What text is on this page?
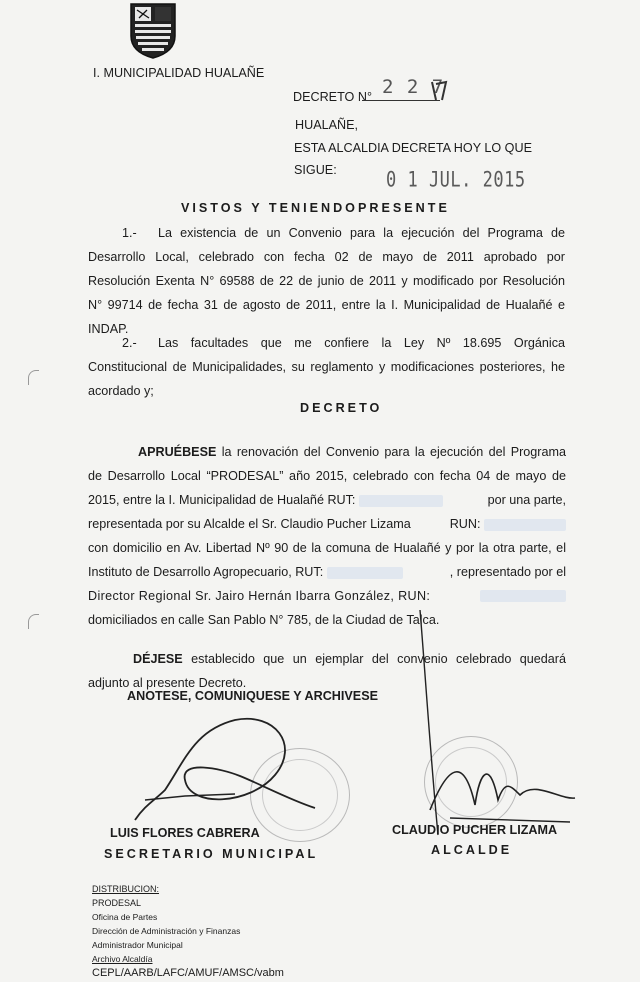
I. MUNICIPALIDAD HUALAÑE
DECRETO N° 2 2 7
HUALAÑE,
ESTA ALCALDIA DECRETA HOY LO QUE
SIGUE:	0 1 JUL. 2015
VISTOS Y TENIENDOPRESENTE
1.- La existencia de un Convenio para la ejecución del Programa de
Desarrollo Local, celebrado con fecha 02 de mayo de 2011 aprobado por
Resolución Exenta N° 69588 de 22 de junio de 2011 y modificado por Resolución
N° 99714 de fecha 31 de agosto de 2011, entre la I. Municipalidad de Hualañé e
INDAP.
2.- Las facultades que me confiere la Ley Nº 18.695 Orgánica
Constitucional de Municipalidades, su reglamento y modificaciones posteriores, he
acordado y;
DECRETO
APRUÉBESE la renovación del Convenio para la ejecución del Programa
de Desarrollo Local “PRODESAL” año 2015, celebrado con fecha 04 de mayo de
2015, entre la I. Municipalidad de Hualañé RUT:	por una parte,
representada por su Alcalde el Sr. Claudio Pucher Lizama	RUN:
con domicilio en Av. Libertad Nº 90 de la comuna de Hualañé y por la otra parte, el
Instituto de Desarrollo Agropecuario, RUT:	, representado por el
Director Regional Sr. Jairo Hernán Ibarra González, RUN:
domiciliados en calle San Pablo N° 785, de la Ciudad de Talca.
DÉJESE establecido que un ejemplar del convenio celebrado quedará
adjunto al presente Decreto.
ANOTESE, COMUNIQUESE Y ARCHIVESE
LUIS FLORES CABRERA
SECRETARIO MUNICIPAL
CLAUDIO PUCHER LIZAMA
ALCALDE
DISTRIBUCION:
PRODESAL
Oficina de Partes
Dirección de Administración y Finanzas
Administrador Municipal
Archivo Alcaldía
CEPL/AARB/LAFC/AMUF/AMSC/vabm
